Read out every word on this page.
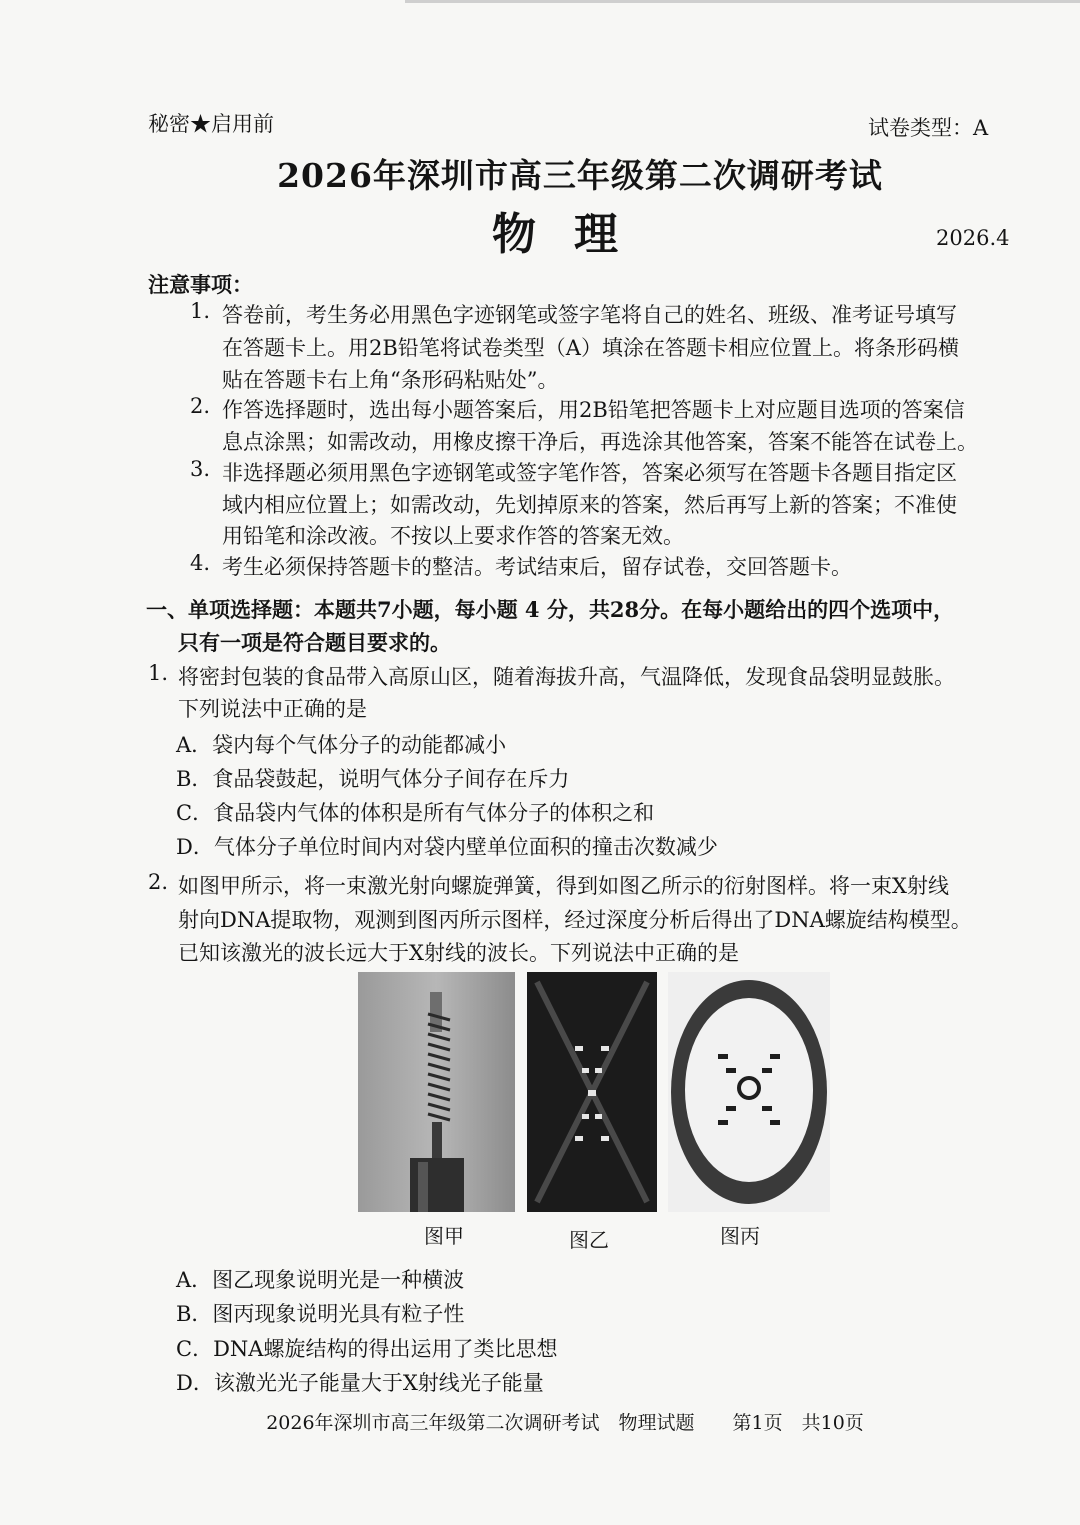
秘密★启用前	试卷类型：A
2026年深圳市高三年级第二次调研考试
物理	2026.4
注意事项：
1. 答卷前，考生务必用黑色字迹钢笔或签字笔将自己的姓名、班级、准考证号填写
在答题卡上。用2B铅笔将试卷类型（A）填涂在答题卡相应位置上。将条形码横
贴在答题卡右上角“条形码粘贴处”。
2. 作答选择题时，选出每小题答案后，用2B铅笔把答题卡上对应题目选项的答案信
息点涂黑；如需改动，用橡皮擦干净后，再选涂其他答案，答案不能答在试卷上。
3. 非选择题必须用黑色字迹钢笔或签字笔作答，答案必须写在答题卡各题目指定区
域内相应位置上；如需改动，先划掉原来的答案，然后再写上新的答案；不准使
用铅笔和涂改液。不按以上要求作答的答案无效。
4. 考生必须保持答题卡的整洁。考试结束后，留存试卷，交回答题卡。
一、单项选择题：本题共7小题，每小题 4 分，共28分。在每小题给出的四个选项中，
只有一项是符合题目要求的。
1. 将密封包装的食品带入高原山区，随着海拔升高，气温降低，发现食品袋明显鼓胀。
下列说法中正确的是
A．袋内每个气体分子的动能都减小
B．食品袋鼓起，说明气体分子间存在斥力
C．食品袋内气体的体积是所有气体分子的体积之和
D．气体分子单位时间内对袋内壁单位面积的撞击次数减少
2. 如图甲所示，将一束激光射向螺旋弹簧，得到如图乙所示的衍射图样。将一束X射线
射向DNA提取物，观测到图丙所示图样，经过深度分析后得出了DNA螺旋结构模型。
已知该激光的波长远大于X射线的波长。下列说法中正确的是
图甲	图乙	图丙
A．图乙现象说明光是一种横波
B．图丙现象说明光具有粒子性
C．DNA螺旋结构的得出运用了类比思想
D．该激光光子能量大于X射线光子能量
2026年深圳市高三年级第二次调研考试　物理试题　　第1页　共10页
